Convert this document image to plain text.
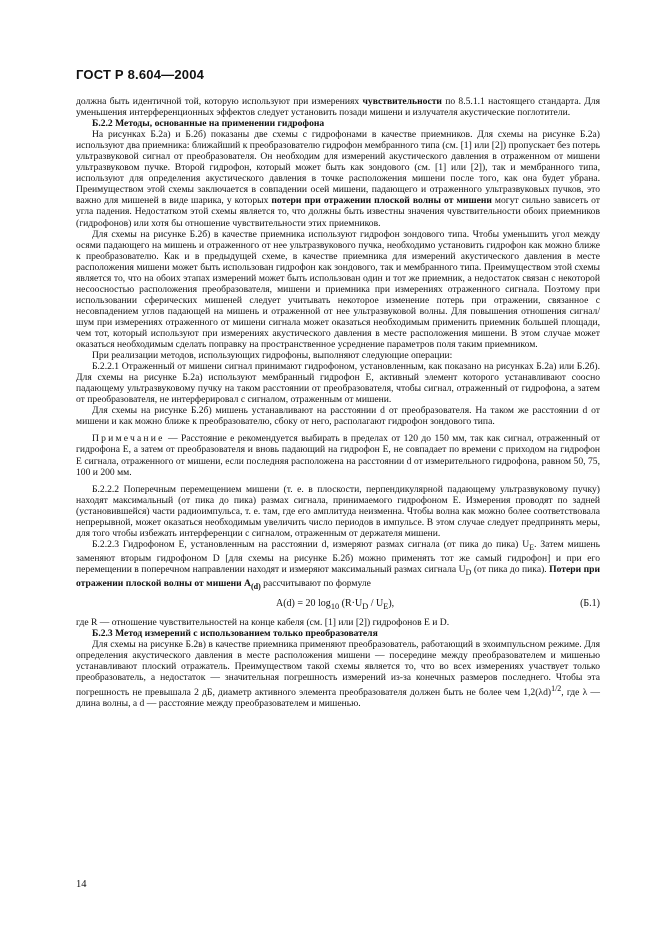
ГОСТ Р 8.604—2004

должна быть идентичной той, которую используют при измерениях чувствительности по 8.5.1.1 настоящего стандарта. Для уменьшения интерференционных эффектов следует установить позади мишени и излучателя акустические поглотители.

Б.2.2 Методы, основанные на применении гидрофона

На рисунках Б.2а) и Б.2б) показаны две схемы с гидрофонами в качестве приемников. Для схемы на рисунке Б.2а) используют два приемника: ближайший к преобразователю гидрофон мембранного типа (см. [1] или [2]) пропускает без потерь ультразвуковой сигнал от преобразователя. Он необходим для измерений акустического давления в отраженном от мишени ультразвуковом пучке. Второй гидрофон, который может быть как зондового (см. [1] или [2]), так и мембранного типа, используют для определения акустического давления в точке расположения мишени после того, как она будет убрана. Преимуществом этой схемы заключается в совпадении осей мишени, падающего и отраженного ультразвуковых пучков, это важно для мишеней в виде шарика, у которых потери при отражении плоской волны от мишени могут сильно зависеть от угла падения. Недостатком этой схемы является то, что должны быть известны значения чувствительности обоих приемников (гидрофонов) или хотя бы отношение чувствительности этих приемников.

Для схемы на рисунке Б.2б) в качестве приемника используют гидрофон зондового типа. Чтобы уменьшить угол между осями падающего на мишень и отраженного от нее ультразвукового пучка, необходимо установить гидрофон как можно ближе к преобразователю. Как и в предыдущей схеме, в качестве приемника для измерений акустического давления в месте расположения мишени может быть использован гидрофон как зондового, так и мембранного типа. Преимуществом этой схемы является то, что на обоих этапах измерений может быть использован один и тот же приемник, а недостаток связан с некоторой несоосностью расположения преобразователя, мишени и приемника при измерениях отраженного сигнала. Поэтому при использовании сферических мишеней следует учитывать некоторое изменение потерь при отражении, связанное с несовпадением углов падающей на мишень и отраженной от нее ультразвуковой волны. Для повышения отношения сигнал/шум при измерениях отраженного от мишени сигнала может оказаться необходимым применить приемник большей площади, чем тот, который используют при измерениях акустического давления в месте расположения мишени. В этом случае может оказаться необходимым сделать поправку на пространственное усреднение параметров поля таким приемником.

При реализации методов, использующих гидрофоны, выполняют следующие операции:

Б.2.2.1 Отраженный от мишени сигнал принимают гидрофоном, установленным, как показано на рисунках Б.2а) или Б.2б). Для схемы на рисунке Б.2а) используют мембранный гидрофон E, активный элемент которого устанавливают соосно падающему ультразвуковому пучку на таком расстоянии от преобразователя, чтобы сигнал, отраженный от гидрофона, а затем от преобразователя, не интерферировал с сигналом, отраженным от мишени.

Для схемы на рисунке Б.2б) мишень устанавливают на расстоянии d от преобразователя. На таком же расстоянии d от мишени и как можно ближе к преобразователю, сбоку от него, располагают гидрофон зондового типа.

Примечание — Расстояние e рекомендуется выбирать в пределах от 120 до 150 мм, так как сигнал, отраженный от гидрофона E, а затем от преобразователя и вновь падающий на гидрофон E, не совпадает по времени с приходом на гидрофон E сигнала, отраженного от мишени, если последняя расположена на расстоянии d от измерительного гидрофона, равном 50, 75, 100 и 200 мм.

Б.2.2.2 Поперечным перемещением мишени (т. е. в плоскости, перпендикулярной падающему ультразвуковому пучку) находят максимальный (от пика до пика) размах сигнала, принимаемого гидрофоном E. Измерения проводят по задней (установившейся) части радиоимпульса, т. е. там, где его амплитуда неизменна. Чтобы волна как можно более соответствовала непрерывной, может оказаться необходимым увеличить число периодов в импульсе. В этом случае следует предпринять меры, для того чтобы избежать интерференции с сигналом, отраженным от держателя мишени.

Б.2.2.3 Гидрофоном E, установленным на расстоянии d, измеряют размах сигнала (от пика до пика) $U_E$. Затем мишень заменяют вторым гидрофоном D [для схемы на рисунке Б.2б) можно применять тот же самый гидрофон] и при его перемещении в поперечном направлении находят и измеряют максимальный размах сигнала $U_D$ (от пика до пика). Потери при отражении плоской волны от мишени $A_{(d)}$ рассчитывают по формуле

A(d) = 20 $\log_{10} (R\cdot U_D / U_E)$,	(Б.1)

где R — отношение чувствительностей на конце кабеля (см. [1] или [2]) гидрофонов E и D.

Б.2.3 Метод измерений с использованием только преобразователя

Для схемы на рисунке Б.2в) в качестве приемника применяют преобразователь, работающий в эхоимпульсном режиме. Для определения акустического давления в месте расположения мишени — посередине между преобразователем и мишенью устанавливают плоский отражатель. Преимуществом такой схемы является то, что во всех измерениях участвует только преобразователь, а недостаток — значительная погрешность измерений из-за конечных размеров последнего. Чтобы эта погрешность не превышала 2 дБ, диаметр активного элемента преобразователя должен быть не более чем $1,2(\lambda d)^{1/2}$, где λ — длина волны, а d — расстояние между преобразователем и мишенью.

14
